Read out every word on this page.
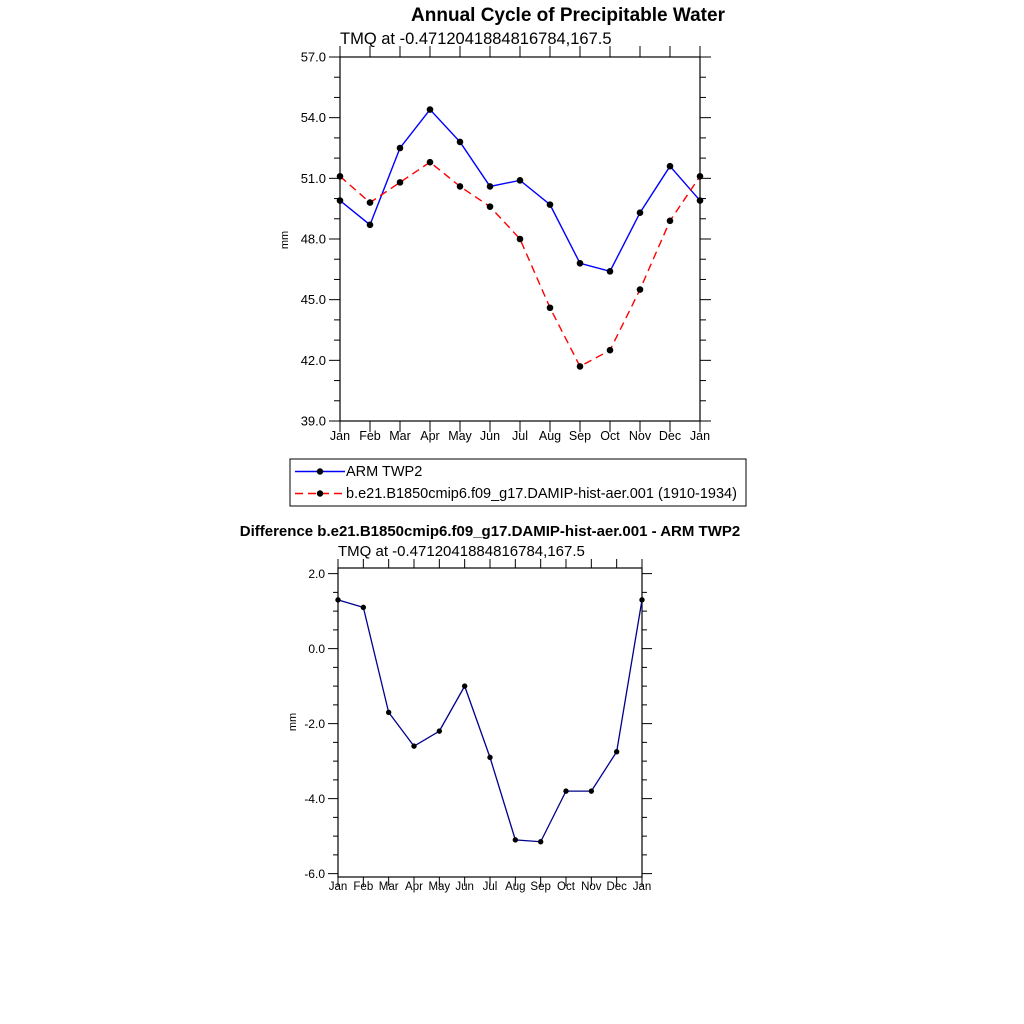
Annual Cycle of Precipitable Water
TMQ at -0.4712041884816784,167.5
mm
Jan Feb Mar Apr May Jun Jul Aug Sep Oct Nov Dec Jan
57.0
54.0
51.0
48.0
45.0
42.0
39.0
ARM TWP2
b.e21.B1850cmip6.f09_g17.DAMIP-hist-aer.001 (1910-1934)
Difference b.e21.B1850cmip6.f09_g17.DAMIP-hist-aer.001 - ARM TWP2
TMQ at -0.4712041884816784,167.5
mm
Jan Feb Mar Apr May Jun Jul Aug Sep Oct Nov Dec Jan
2.0
0.0
-2.0
-4.0
-6.0
